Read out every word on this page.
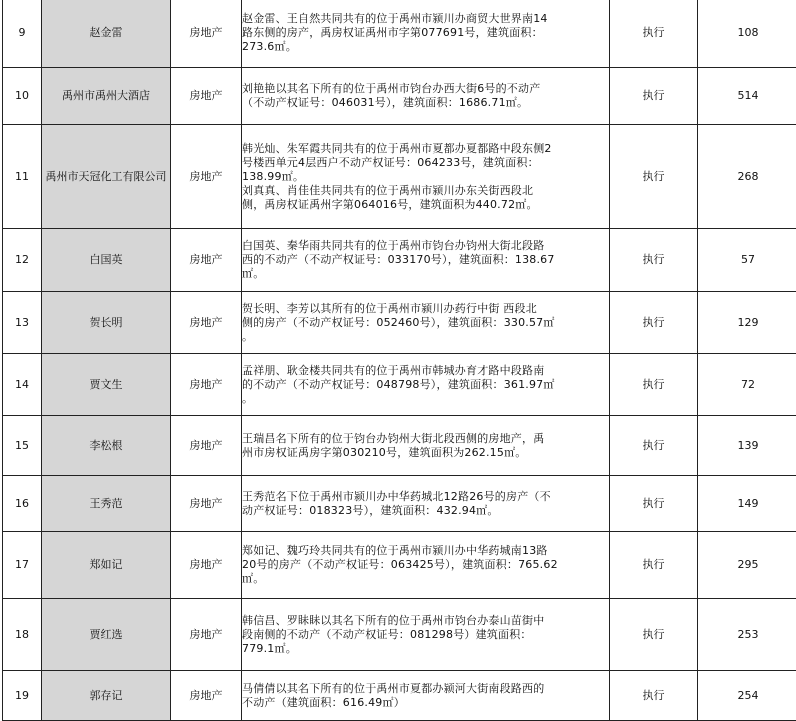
9	赵金雷	房地产	赵金雷、王自然共同共有的位于禹州市颍川办商贸大世界南14
路东侧的房产，禹房权证禹州市字第077691号，建筑面积：
273.6㎡。	执行	108
10	禹州市禹州大酒店	房地产	刘艳艳以其名下所有的位于禹州市钧台办西大街6号的不动产
（不动产权证号：046031号），建筑面积：1686.71㎡。	执行	514
11	禹州市天冠化工有限公司	房地产	韩光灿、朱军霞共同共有的位于禹州市夏都办夏都路中段东侧2
号楼西单元4层西户不动产权证号：064233号，建筑面积：
138.99㎡。
刘真真、肖佳佳共同共有的位于禹州市颍川办东关街西段北
侧，禹房权证禹州字第064016号，建筑面积为440.72㎡。	执行	268
12	白国英	房地产	白国英、秦华雨共同共有的位于禹州市钧台办钧州大街北段路
西的不动产（不动产权证号：033170号），建筑面积：138.67
㎡。	执行	57
13	贺长明	房地产	贺长明、李芳以其所有的位于禹州市颍川办药行中街 西段北
侧的房产（不动产权证号：052460号），建筑面积：330.57㎡
。	执行	129
14	贾文生	房地产	孟祥朋、耿金楼共同共有的位于禹州市韩城办育才路中段路南
的不动产（不动产权证号：048798号），建筑面积：361.97㎡
。	执行	72
15	李松根	房地产	王瑞昌名下所有的位于钧台办钧州大街北段西侧的房地产，禹
州市房权证禹房字第030210号，建筑面积为262.15㎡。	执行	139
16	王秀范	房地产	王秀范名下位于禹州市颍川办中华药城北12路26号的房产（不
动产权证号：018323号），建筑面积：432.94㎡。	执行	149
17	郑如记	房地产	郑如记、魏巧玲共同共有的位于禹州市颍川办中华药城南13路
20号的房产（不动产权证号：063425号），建筑面积：765.62
㎡。	执行	295
18	贾红选	房地产	韩信昌、罗眛眛以其名下所有的位于禹州市钧台办泰山苗街中
段南侧的不动产（不动产权证号：081298号）建筑面积：
779.1㎡。	执行	253
19	郭存记	房地产	马倩倩以其名下所有的位于禹州市夏都办颍河大街南段路西的
不动产（建筑面积：616.49㎡）	执行	254
